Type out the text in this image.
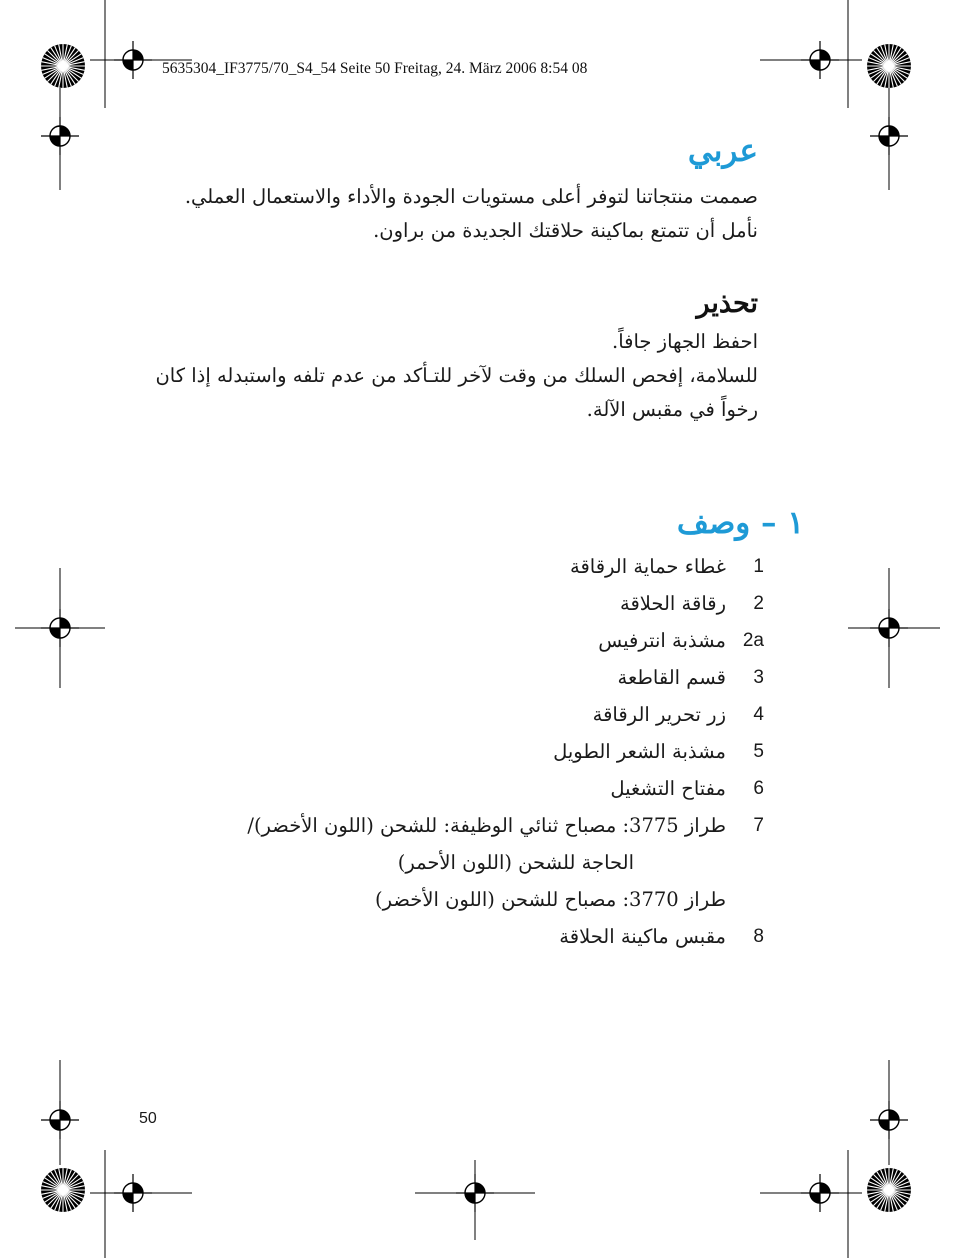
5635304_IF3775/70_S4_54 Seite 50 Freitag, 24. März 2006 8:54 08
عربي

صممت منتجاتنا لتوفر أعلى مستويات الجودة والأداء والاستعمال العملي.

نأمل أن تتمتع بماكينة حلاقتك الجديدة من براون.

تحذير

احفظ الجهاز جافاً.

للسلامة، إفحص السلك من وقت لآخر للتـأكد من عدم تلفه واستبدله إذا كان

رخواً في مقبس الآلة.

١ – وصف
1
غطاء حماية الرقاقة
2
رقاقة الحلاقة
2a
مشذبة انترفيس
3
قسم القاطعة
4
زر تحرير الرقاقة
5
مشذبة الشعر الطويل
6
مفتاح التشغيل
7
طراز 3775: مصباح ثنائي الوظيفة: للشحن (اللون الأخضر)/
الحاجة للشحن (اللون الأحمر)
طراز 3770: مصباح للشحن (اللون الأخضر)
8
مقبس ماكينة الحلاقة
50
